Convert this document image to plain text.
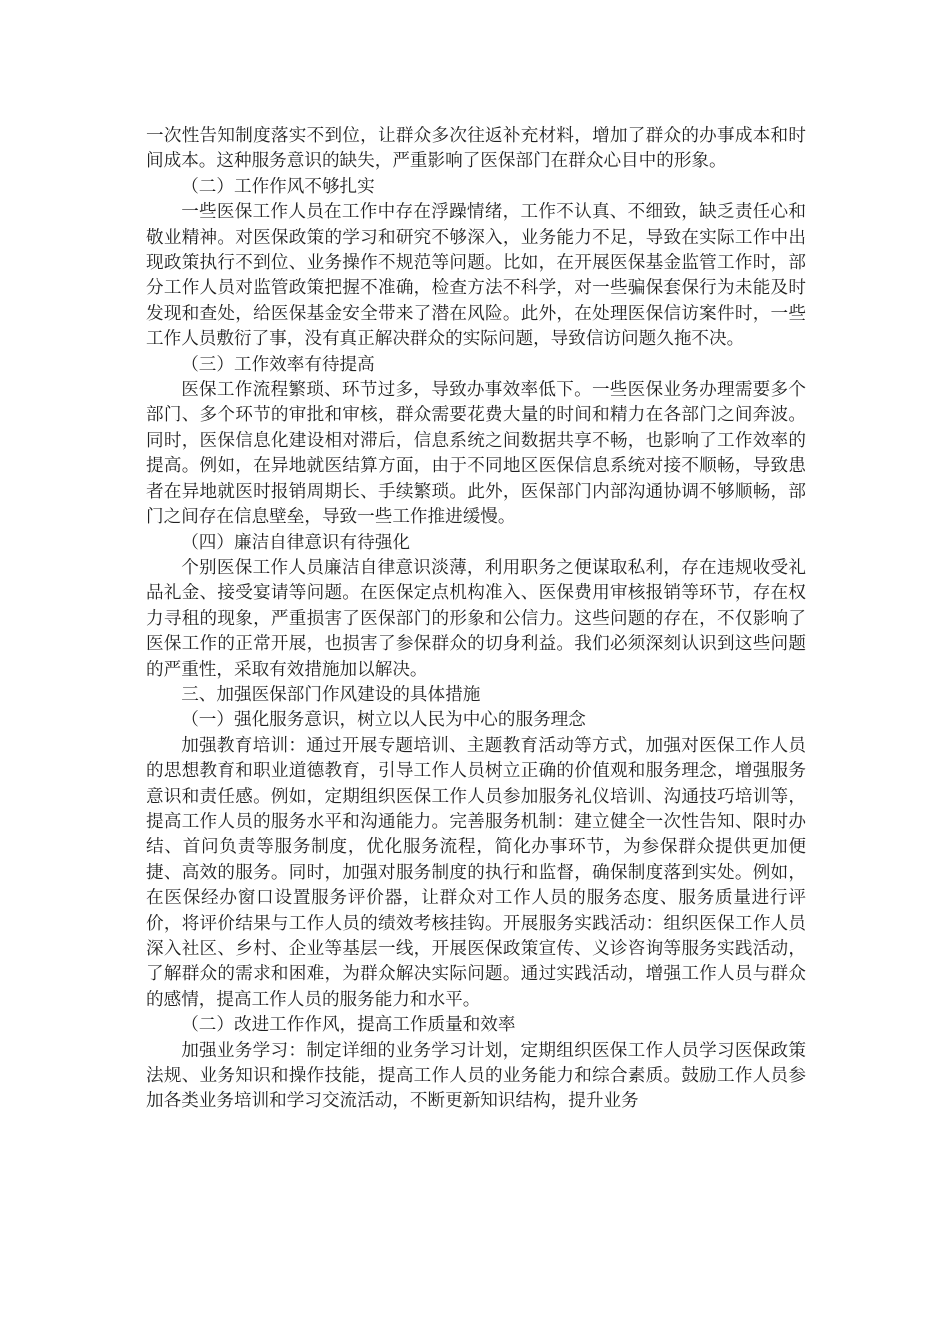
一次性告知制度落实不到位，让群众多次往返补充材料，增加了群众的办事成本和时间成本。这种服务意识的缺失，严重影响了医保部门在群众心目中的形象。

（二）工作作风不够扎实

一些医保工作人员在工作中存在浮躁情绪，工作不认真、不细致，缺乏责任心和敬业精神。对医保政策的学习和研究不够深入，业务能力不足，导致在实际工作中出现政策执行不到位、业务操作不规范等问题。比如，在开展医保基金监管工作时，部分工作人员对监管政策把握不准确，检查方法不科学，对一些骗保套保行为未能及时发现和查处，给医保基金安全带来了潜在风险。此外，在处理医保信访案件时，一些工作人员敷衍了事，没有真正解决群众的实际问题，导致信访问题久拖不决。

（三）工作效率有待提高

医保工作流程繁琐、环节过多，导致办事效率低下。一些医保业务办理需要多个部门、多个环节的审批和审核，群众需要花费大量的时间和精力在各部门之间奔波。同时，医保信息化建设相对滞后，信息系统之间数据共享不畅，也影响了工作效率的提高。例如，在异地就医结算方面，由于不同地区医保信息系统对接不顺畅，导致患者在异地就医时报销周期长、手续繁琐。此外，医保部门内部沟通协调不够顺畅，部门之间存在信息壁垒，导致一些工作推进缓慢。

（四）廉洁自律意识有待强化

个别医保工作人员廉洁自律意识淡薄，利用职务之便谋取私利，存在违规收受礼品礼金、接受宴请等问题。在医保定点机构准入、医保费用审核报销等环节，存在权力寻租的现象，严重损害了医保部门的形象和公信力。这些问题的存在，不仅影响了医保工作的正常开展，也损害了参保群众的切身利益。我们必须深刻认识到这些问题的严重性，采取有效措施加以解决。

三、加强医保部门作风建设的具体措施

（一）强化服务意识，树立以人民为中心的服务理念

加强教育培训：通过开展专题培训、主题教育活动等方式，加强对医保工作人员的思想教育和职业道德教育，引导工作人员树立正确的价值观和服务理念，增强服务意识和责任感。例如，定期组织医保工作人员参加服务礼仪培训、沟通技巧培训等，提高工作人员的服务水平和沟通能力。完善服务机制：建立健全一次性告知、限时办结、首问负责等服务制度，优化服务流程，简化办事环节，为参保群众提供更加便捷、高效的服务。同时，加强对服务制度的执行和监督，确保制度落到实处。例如，在医保经办窗口设置服务评价器，让群众对工作人员的服务态度、服务质量进行评价，将评价结果与工作人员的绩效考核挂钩。开展服务实践活动：组织医保工作人员深入社区、乡村、企业等基层一线，开展医保政策宣传、义诊咨询等服务实践活动，了解群众的需求和困难，为群众解决实际问题。通过实践活动，增强工作人员与群众的感情，提高工作人员的服务能力和水平。

（二）改进工作作风，提高工作质量和效率

加强业务学习：制定详细的业务学习计划，定期组织医保工作人员学习医保政策法规、业务知识和操作技能，提高工作人员的业务能力和综合素质。鼓励工作人员参加各类业务培训和学习交流活动，不断更新知识结构，提升业务
